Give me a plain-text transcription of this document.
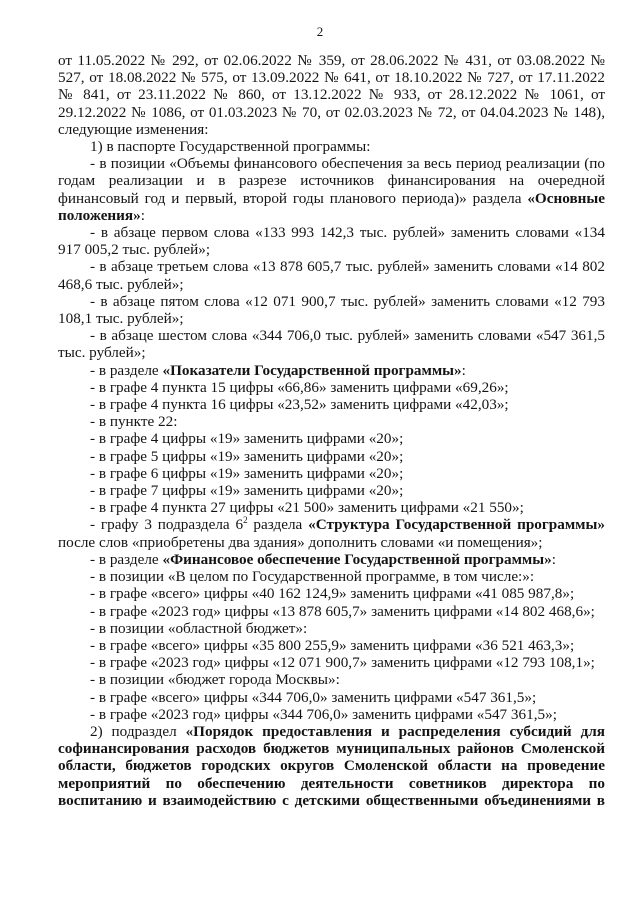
2

от 11.05.2022 № 292, от 02.06.2022 № 359, от 28.06.2022 № 431, от 03.08.2022 № 527, от 18.08.2022 № 575, от 13.09.2022 № 641, от 18.10.2022 № 727, от 17.11.2022 № 841, от 23.11.2022 № 860, от 13.12.2022 № 933, от 28.12.2022 № 1061, от 29.12.2022 № 1086, от 01.03.2023 № 70, от 02.03.2023 № 72, от 04.04.2023 № 148), следующие изменения:

1) в паспорте Государственной программы:

- в позиции «Объемы финансового обеспечения за весь период реализации (по годам реализации и в разрезе источников финансирования на очередной финансовый год и первый, второй годы планового периода)» раздела «Основные положения»:

- в абзаце первом слова «133 993 142,3 тыс. рублей» заменить словами «134 917 005,2 тыс. рублей»;

- в абзаце третьем слова «13 878 605,7 тыс. рублей» заменить словами «14 802 468,6 тыс. рублей»;

- в абзаце пятом слова «12 071 900,7 тыс. рублей» заменить словами «12 793 108,1 тыс. рублей»;

- в абзаце шестом слова «344 706,0 тыс. рублей» заменить словами «547 361,5 тыс. рублей»;

- в разделе «Показатели Государственной программы»:

- в графе 4 пункта 15 цифры «66,86» заменить цифрами «69,26»;

- в графе 4 пункта 16 цифры «23,52» заменить цифрами «42,03»;

- в пункте 22:

- в графе 4 цифры «19» заменить цифрами «20»;

- в графе 5 цифры «19» заменить цифрами «20»;

- в графе 6 цифры «19» заменить цифрами «20»;

- в графе 7 цифры «19» заменить цифрами «20»;

- в графе 4 пункта 27 цифры «21 500» заменить цифрами «21 550»;

- графу 3 подраздела $6^2$ раздела «Структура Государственной программы» после слов «приобретены два здания» дополнить словами «и помещения»;

- в разделе «Финансовое обеспечение Государственной программы»:

- в позиции «В целом по Государственной программе, в том числе:»:

- в графе «всего» цифры «40 162 124,9» заменить цифрами «41 085 987,8»;

- в графе «2023 год» цифры «13 878 605,7» заменить цифрами «14 802 468,6»;

- в позиции «областной бюджет»:

- в графе «всего» цифры «35 800 255,9» заменить цифрами «36 521 463,3»;

- в графе «2023 год» цифры «12 071 900,7» заменить цифрами «12 793 108,1»;

- в позиции «бюджет города Москвы»:

- в графе «всего» цифры «344 706,0» заменить цифрами «547 361,5»;

- в графе «2023 год» цифры «344 706,0» заменить цифрами «547 361,5»;

2) подраздел «Порядок предоставления и распределения субсидий для софинансирования расходов бюджетов муниципальных районов Смоленской области, бюджетов городских округов Смоленской области на проведение мероприятий по обеспечению деятельности советников директора по воспитанию и взаимодействию с детскими общественными объединениями в
